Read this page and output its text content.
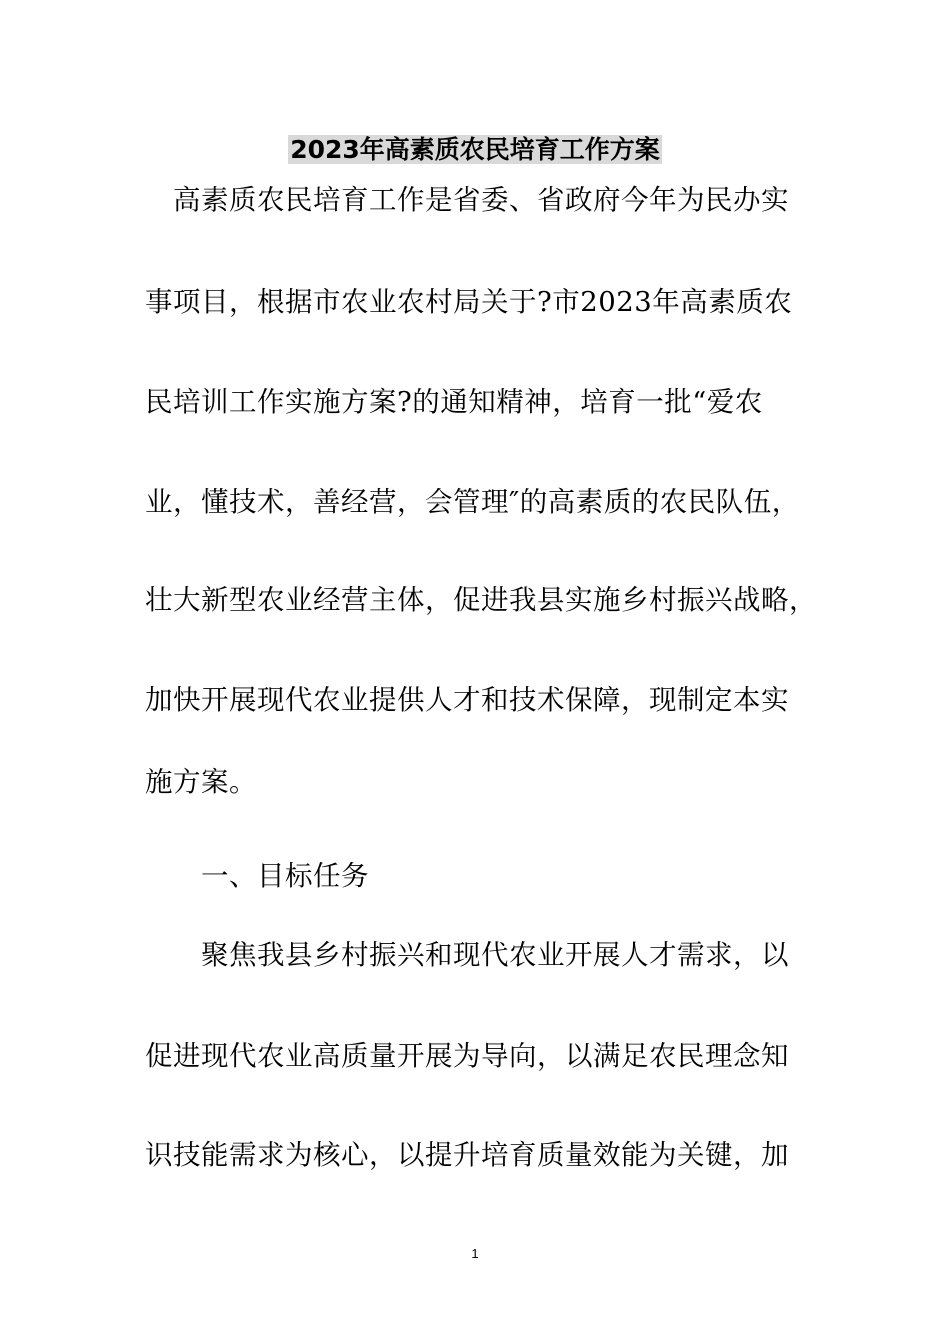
2023年高素质农民培育工作方案
　高素质农民培育工作是省委、省政府今年为民办实
事项目，根据市农业农村局关于?市2023年高素质农
民培训工作实施方案?的通知精神，培育一批“爱农
业，懂技术，善经营，会管理″的高素质的农民队伍，
壮大新型农业经营主体，促进我县实施乡村振兴战略，
加快开展现代农业提供人才和技术保障，现制定本实
施方案。
　　一、目标任务
　　聚焦我县乡村振兴和现代农业开展人才需求，以
促进现代农业高质量开展为导向，以满足农民理念知
识技能需求为核心，以提升培育质量效能为关键，加
1
